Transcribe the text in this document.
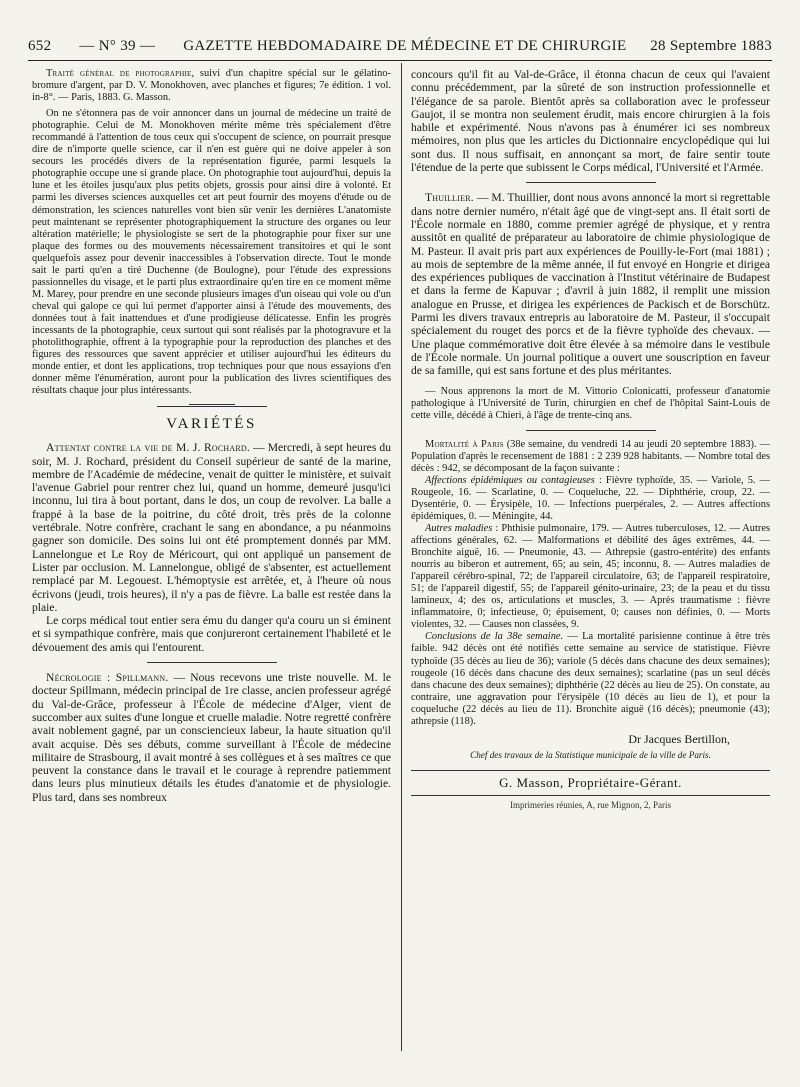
652 — N° 39 — GAZETTE HEBDOMADAIRE DE MÉDECINE ET DE CHIRURGIE	28 Septembre 1883

Traité général de photographie, suivi d'un chapitre spécial sur le gélatino-bromure d'argent, par D. V. Monokhoven, avec planches et figures; 7e édition. 1 vol. in-8°. — Paris, 1883. G. Masson.

On ne s'étonnera pas de voir annoncer dans un journal de médecine un traité de photographie. Celui de M. Monokhoven mérite même très spécialement d'être recommandé à l'attention de tous ceux qui s'occupent de science, on pourrait presque dire de n'importe quelle science, car il n'en est guère qui ne doive appeler à son secours les procédés divers de la représentation figurée, parmi lesquels la photographie occupe une si grande place. On photographie tout aujourd'hui, depuis la lune et les étoiles jusqu'aux plus petits objets, grossis pour ainsi dire à volonté. Et parmi les diverses sciences auxquelles cet art peut fournir des moyens d'étude ou de démonstration, les sciences naturelles vont bien sûr venir les dernières L'anatomiste peut maintenant se représenter photographiquement la structure des organes ou leur altération matérielle; le physiologiste se sert de la photographie pour fixer sur une plaque des formes ou des mouvements nécessairement transitoires et qui le sont quelquefois assez pour devenir inaccessibles à l'observation directe. Tout le monde sait le parti qu'en a tiré Duchenne (de Boulogne), pour l'étude des expressions passionnelles du visage, et le parti plus extraordinaire qu'en tire en ce moment même M. Marey, pour prendre en une seconde plusieurs images d'un oiseau qui vole ou d'un cheval qui galope ce qui lui permet d'apporter ainsi à l'étude des mouvements, des données tout à fait inattendues et d'une prodigieuse délicatesse. Enfin les progrès incessants de la photographie, ceux surtout qui sont réalisés par la photogravure et la photolithographie, offrent à la typographie pour la reproduction des planches et des figures des ressources que savent apprécier et utiliser aujourd'hui les éditeurs du monde entier, et dont les applications, trop techniques pour que nous essayions d'en donner même l'énumération, auront pour la publication des livres scientifiques des résultats chaque jour plus intéressants.

VARIÉTÉS

Attentat contre la vie de M. J. Rochard. — Mercredi, à sept heures du soir, M. J. Rochard, président du Conseil supérieur de santé de la marine, membre de l'Académie de médecine, venait de quitter le ministère, et suivait l'avenue Gabriel pour rentrer chez lui, quand un homme, demeuré jusqu'ici inconnu, lui tira à bout portant, dans le dos, un coup de revolver. La balle a frappé à la base de la poitrine, du côté droit, très près de la colonne vertébrale. Notre confrère, crachant le sang en abondance, a pu néanmoins gagner son domicile. Des soins lui ont été promptement donnés par MM. Lannelongue et Le Roy de Méricourt, qui ont appliqué un pansement de Lister par occlusion. M. Lannelongue, obligé de s'absenter, est actuellement remplacé par M. Legouest. L'hémoptysie est arrêtée, et, à l'heure où nous écrivons (jeudi, trois heures), il n'y a pas de fièvre. La balle est restée dans la plaie.

Le corps médical tout entier sera ému du danger qu'a couru un si éminent et si sympathique confrère, mais que conjureront certainement l'habileté et le dévouement des amis qui l'entourent.

Nécrologie : Spillmann. — Nous recevons une triste nouvelle. M. le docteur Spillmann, médecin principal de 1re classe, ancien professeur agrégé du Val-de-Grâce, professeur à l'École de médecine d'Alger, vient de succomber aux suites d'une longue et cruelle maladie. Notre regretté confrère avait noblement gagné, par un consciencieux labeur, la haute situation qu'il avait acquise. Dès ses débuts, comme surveillant à l'École de médecine militaire de Strasbourg, il avait montré à ses collègues et à ses maîtres ce que peuvent la constance dans le travail et le courage à reprendre patiemment dans leurs plus minutieux détails les études d'anatomie et de physiologie. Plus tard, dans ses nombreux

concours qu'il fit au Val-de-Grâce, il étonna chacun de ceux qui l'avaient connu précédemment, par la sûreté de son instruction professionnelle et l'élégance de sa parole. Bientôt après sa collaboration avec le professeur Gaujot, il se montra non seulement érudit, mais encore chirurgien à la fois habile et expérimenté. Nous n'avons pas à énumérer ici ses nombreux mémoires, non plus que les articles du Dictionnaire encyclopédique qui lui sont dus. Il nous suffisait, en annonçant sa mort, de faire sentir toute l'étendue de la perte que subissent le Corps médical, l'Université et l'Armée.

Thuillier. — M. Thuillier, dont nous avons annoncé la mort si regrettable dans notre dernier numéro, n'était âgé que de vingt-sept ans. Il était sorti de l'École normale en 1880, comme premier agrégé de physique, et y rentra aussitôt en qualité de préparateur au laboratoire de chimie physiologique de M. Pasteur. Il avait pris part aux expériences de Pouilly-le-Fort (mai 1881) ; au mois de septembre de la même année, il fut envoyé en Hongrie et dirigea des expériences publiques de vaccination à l'Institut vétérinaire de Budapest et dans la ferme de Kapuvar ; d'avril à juin 1882, il remplit une mission analogue en Prusse, et dirigea les expériences de Packisch et de Borschütz. Parmi les divers travaux entrepris au laboratoire de M. Pasteur, il s'occupait spécialement du rouget des porcs et de la fièvre typhoïde des chevaux. — Une plaque commémorative doit être élevée à sa mémoire dans le vestibule de l'École normale. Un journal politique a ouvert une souscription en faveur de sa famille, qui est sans fortune et des plus méritantes.

— Nous apprenons la mort de M. Vittorio Colonicatti, professeur d'anatomie pathologique à l'Université de Turin, chirurgien en chef de l'hôpital Saint-Louis de cette ville, décédé à Chieri, à l'âge de trente-cinq ans.

Mortalité à Paris (38e semaine, du vendredi 14 au jeudi 20 septembre 1883). — Population d'après le recensement de 1881 : 2 239 928 habitants. — Nombre total des décès : 942, se décomposant de la façon suivante :

Affections épidémiques ou contagieuses : Fièvre typhoïde, 35. — Variole, 5. — Rougeole, 16. — Scarlatine, 0. — Coqueluche, 22. — Diphthérie, croup, 22. — Dysentérie, 0. — Érysipèle, 10. — Infections puerpérales, 2. — Autres affections épidémiques, 0. — Méningite, 44.

Autres maladies : Phthisie pulmonaire, 179. — Autres tuberculoses, 12. — Autres affections générales, 62. — Malformations et débilité des âges extrêmes, 44. — Bronchite aiguë, 16. — Pneumonie, 43. — Athrepsie (gastro-entérite) des enfants nourris au biberon et autrement, 65; au sein, 45; inconnu, 8. — Autres maladies de l'appareil cérébro-spinal, 72; de l'appareil circulatoire, 63; de l'appareil respiratoire, 51; de l'appareil digestif, 55; de l'appareil génito-urinaire, 23; de la peau et du tissu lamineux, 4; des os, articulations et muscles, 3. — Après traumatisme : fièvre inflammatoire, 0; infectieuse, 0; épuisement, 0; causes non définies, 0. — Morts violentes, 32. — Causes non classées, 9.

Conclusions de la 38e semaine. — La mortalité parisienne continue à être très faible. 942 décès ont été notifiés cette semaine au service de statistique. Fièvre typhoïde (35 décès au lieu de 36); variole (5 décès dans chacune des deux semaines); rougeole (16 décès dans chacune des deux semaines); scarlatine (pas un seul décès dans chacune des deux semaines); diphthérie (22 décès au lieu de 25). On constate, au contraire, une aggravation pour l'érysipèle (10 décès au lieu de 1), et pour la coqueluche (22 décès au lieu de 11). Bronchite aiguë (16 décès); pneumonie (43); athrepsie (118).

Dr Jacques Bertillon,
Chef des travaux de la Statistique municipale de la ville de Paris.
G. Masson, Propriétaire-Gérant.
Imprimeries réunies, A, rue Mignon, 2, Paris
